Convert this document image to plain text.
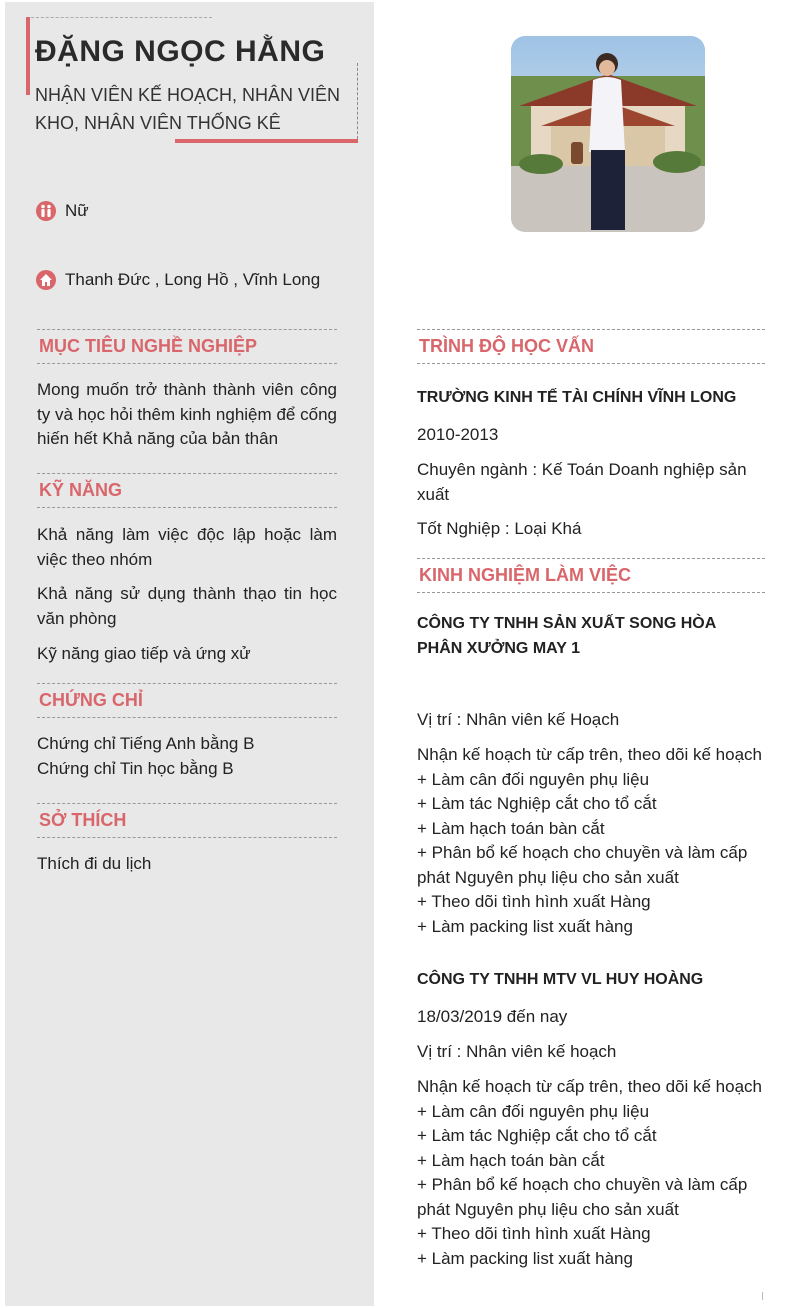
ĐẶNG NGỌC HẰNG
NHẬN VIÊN KẾ HOẠCH, NHÂN VIÊN KHO, NHÂN VIÊN THỐNG KÊ
Nữ
Thanh Đức , Long Hồ , Vĩnh Long
MỤC TIÊU NGHỀ NGHIỆP
Mong muốn trở thành thành viên công ty và học hỏi thêm kinh nghiệm để cống hiến hết Khả năng của bản thân
KỸ NĂNG
Khả năng làm việc độc lập hoặc làm việc theo nhóm
Khả năng sử dụng thành thạo tin học văn phòng
Kỹ năng giao tiếp và ứng xử
CHỨNG CHỈ
Chứng chỉ Tiếng Anh bằng B
Chứng chỉ Tin học bằng B
SỞ THÍCH
Thích đi du lịch
TRÌNH ĐỘ HỌC VẤN
TRƯỜNG KINH TẾ TÀI CHÍNH VĨNH LONG
2010-2013
Chuyên ngành : Kế Toán Doanh nghiệp sản xuất
Tốt Nghiệp : Loại Khá
KINH NGHIỆM LÀM VIỆC
CÔNG TY TNHH SẢN XUẤT SONG HÒA PHÂN XƯỞNG MAY 1
Vị trí : Nhân viên kế Hoạch
Nhận kế hoạch từ cấp trên, theo dõi kế hoạch
+ Làm cân đối nguyên phụ liệu
+ Làm tác Nghiệp cắt cho tổ cắt
+ Làm hạch toán bàn cắt
+ Phân bổ kế hoạch cho chuyền và làm cấp phát Nguyên phụ liệu cho sản xuất
+ Theo dõi tình hình xuất Hàng
+ Làm packing list xuất hàng
CÔNG TY TNHH MTV VL HUY HOÀNG
18/03/2019 đến nay
Vị trí : Nhân viên kế hoạch
Nhận kế hoạch từ cấp trên, theo dõi kế hoạch
+ Làm cân đối nguyên phụ liệu
+ Làm tác Nghiệp cắt cho tổ cắt
+ Làm hạch toán bàn cắt
+ Phân bổ kế hoạch cho chuyền và làm cấp phát Nguyên phụ liệu cho sản xuất
+ Theo dõi tình hình xuất Hàng
+ Làm packing list xuất hàng
